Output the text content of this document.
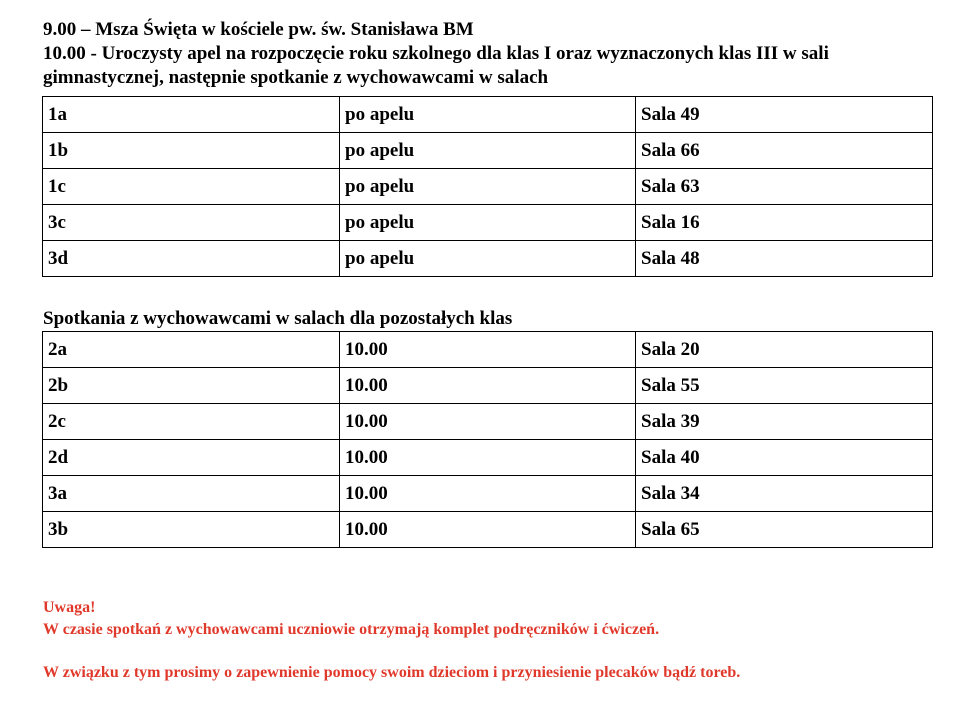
9.00 – Msza Święta w kościele pw. św. Stanisława BM

10.00 - Uroczysty apel na rozpoczęcie roku szkolnego dla klas I oraz wyznaczonych klas III w sali gimnastycznej, następnie spotkanie z wychowawcami w salach

1a	po apelu	Sala 49
1b	po apelu	Sala 66
1c	po apelu	Sala 63
3c	po apelu	Sala 16
3d	po apelu	Sala 48
Spotkania z wychowawcami w salach dla pozostałych klas
2a	10.00	Sala 20
2b	10.00	Sala 55
2c	10.00	Sala 39
2d	10.00	Sala 40
3a	10.00	Sala 34
3b	10.00	Sala 65

Uwaga!

W czasie spotkań z wychowawcami uczniowie otrzymają komplet podręczników i ćwiczeń.

W związku z tym prosimy o zapewnienie pomocy swoim dzieciom i przyniesienie plecaków bądź toreb.
